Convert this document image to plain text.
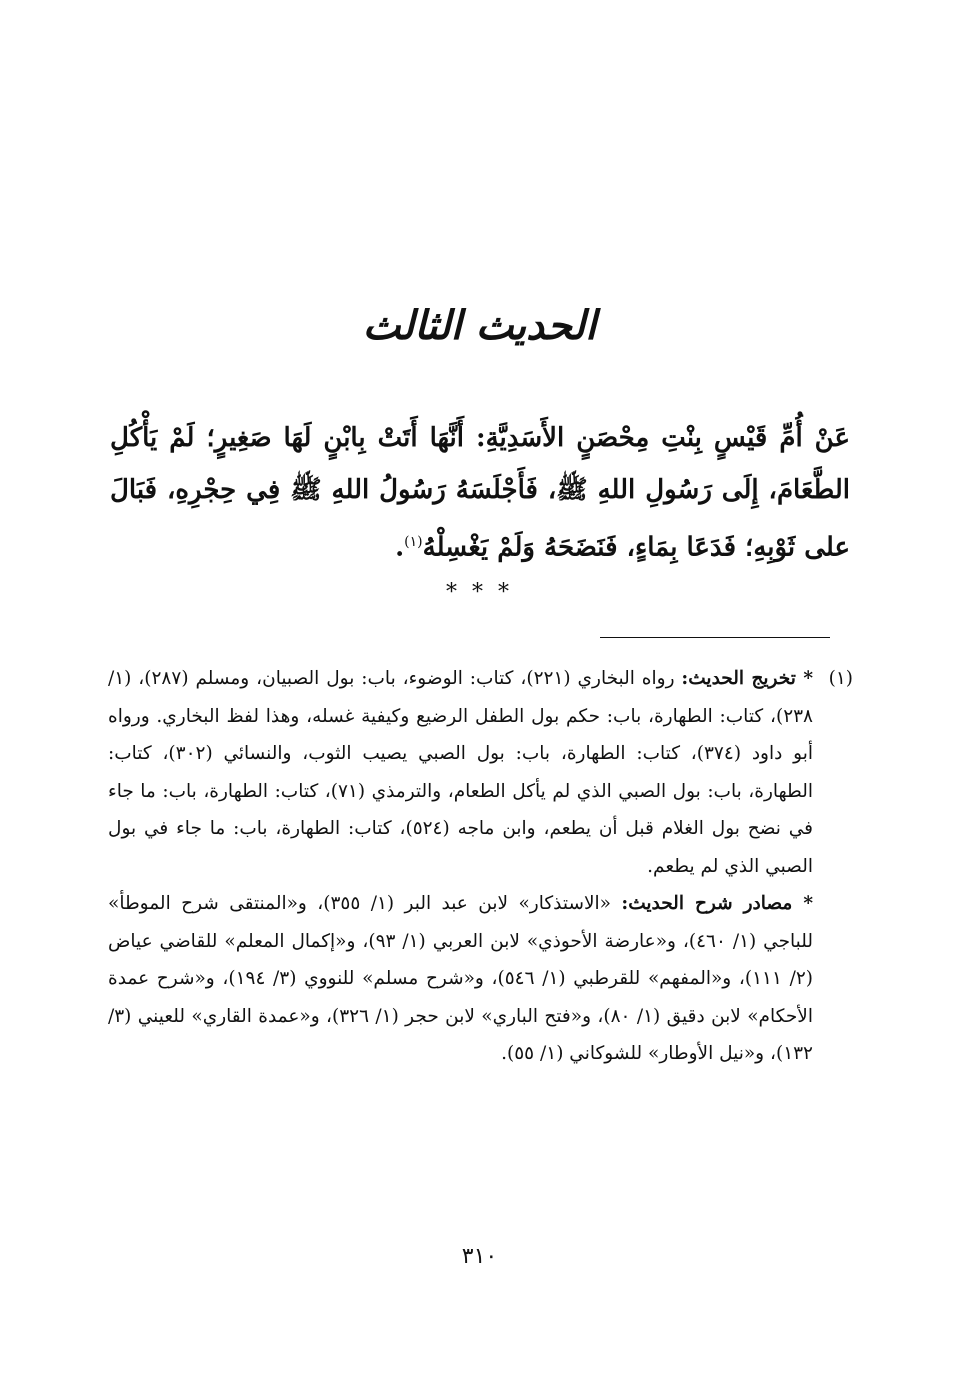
الحديث الثالث
عَنْ أُمِّ قَيْسٍ بِنْتِ مِحْصَنٍ الأَسَدِيَّةِ: أَنَّهَا أَتَتْ بِابْنٍ لَهَا صَغِيرٍ؛ لَمْ يَأْكُلِ الطَّعَامَ، إِلَى رَسُولِ اللهِ ﷺ، فَأَجْلَسَهُ رَسُولُ اللهِ ﷺ فِي حِجْرِهِ، فَبَالَ على ثَوْبِهِ؛ فَدَعَا بِمَاءٍ، فَنَضَحَهُ وَلَمْ يَغْسِلْهُ$^{(١)}$.
* * *
(١)

* تخريج الحديث: رواه البخاري (٢٢١)، كتاب: الوضوء، باب: بول الصبيان، ومسلم (٢٨٧)، (١/ ٢٣٨)، كتاب: الطهارة، باب: حكم بول الطفل الرضيع وكيفية غسله، وهذا لفظ البخاري. ورواه أبو داود (٣٧٤)، كتاب: الطهارة، باب: بول الصبي يصيب الثوب، والنسائي (٣٠٢)، كتاب: الطهارة، باب: بول الصبي الذي لم يأكل الطعام، والترمذي (٧١)، كتاب: الطهارة، باب: ما جاء في نضح بول الغلام قبل أن يطعم، وابن ماجه (٥٢٤)، كتاب: الطهارة، باب: ما جاء في بول الصبي الذي لم يطعم.

* مصادر شرح الحديث: «الاستذكار» لابن عبد البر (١/ ٣٥٥)، و«المنتقى شرح الموطأ» للباجي (١/ ٤٦٠)، و«عارضة الأحوذي» لابن العربي (١/ ٩٣)، و«إكمال المعلم» للقاضي عياض (٢/ ١١١)، و«المفهم» للقرطبي (١/ ٥٤٦)، و«شرح مسلم» للنووي (٣/ ١٩٤)، و«شرح عمدة الأحكام» لابن دقيق (١/ ٨٠)، و«فتح الباري» لابن حجر (١/ ٣٢٦)، و«عمدة القاري» للعيني (٣/ ١٣٢)، و«نيل الأوطار» للشوكاني (١/ ٥٥).

٣١٠
